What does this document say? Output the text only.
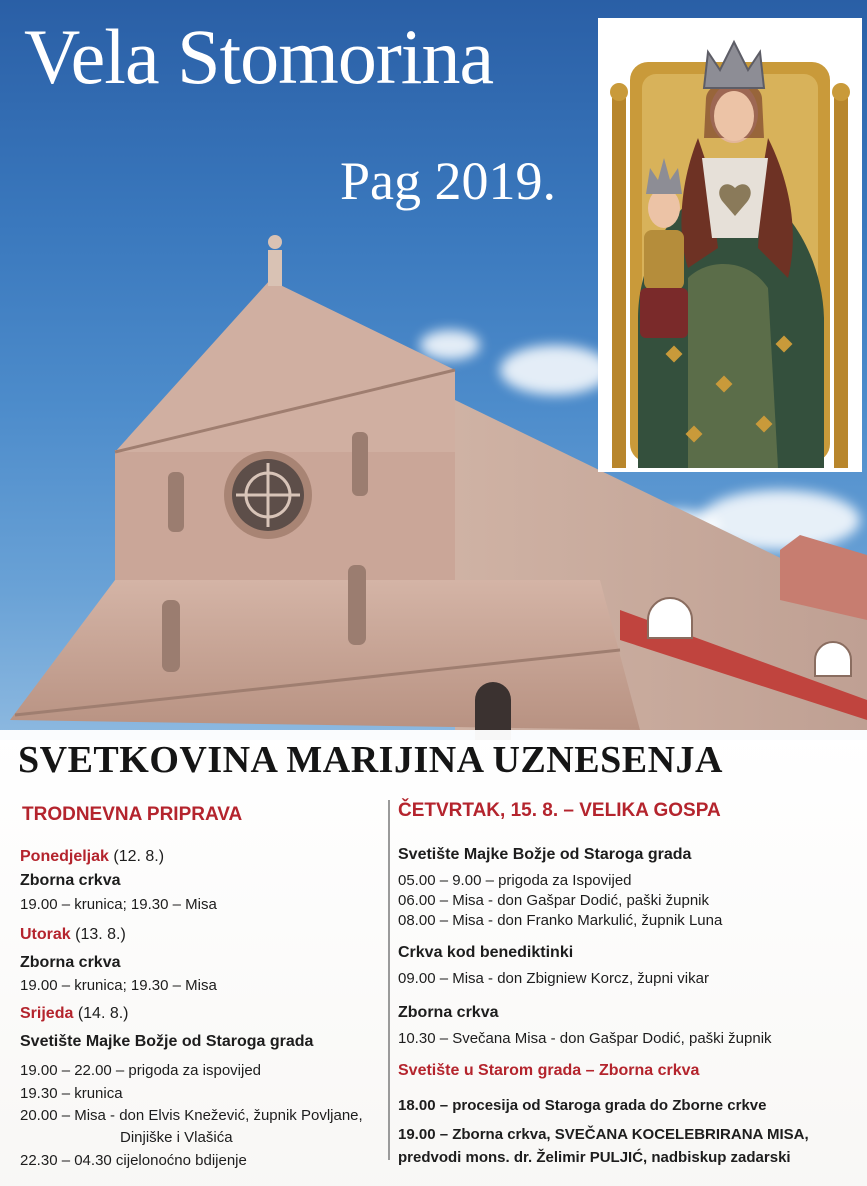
Vela Stomorina
Pag 2019.
SVETKOVINA MARIJINA UZNESENJA
TRODNEVNA PRIPRAVA
Ponedjeljak (12. 8.)
Zborna crkva
19.00 – krunica; 19.30 – Misa
Utorak (13. 8.)
Zborna crkva
19.00 – krunica; 19.30 – Misa
Srijeda (14. 8.)
Svetište Majke Božje od Staroga grada
19.00 – 22.00 – prigoda za ispovijed
19.30 – krunica
20.00 – Misa - don Elvis Knežević, župnik Povljane,
Dinjiške i Vlašića
22.30 – 04.30 cijelonoćno bdijenje
ČETVRTAK, 15. 8. – VELIKA GOSPA
Svetište Majke Božje od Staroga grada
05.00 – 9.00 – prigoda za Ispovijed
06.00 – Misa - don Gašpar Dodić, paški župnik
08.00 – Misa - don Franko Markulić, župnik Luna
Crkva kod benediktinki
09.00 – Misa - don Zbigniew Korcz, župni vikar
Zborna crkva
10.30 – Svečana Misa - don Gašpar Dodić, paški župnik
Svetište u Starom grada – Zborna crkva
18.00 – procesija od Staroga grada do Zborne crkve
19.00 – Zborna crkva, SVEČANA KOCELEBRIRANA MISA,
predvodi mons. dr. Želimir PULJIĆ, nadbiskup zadarski
